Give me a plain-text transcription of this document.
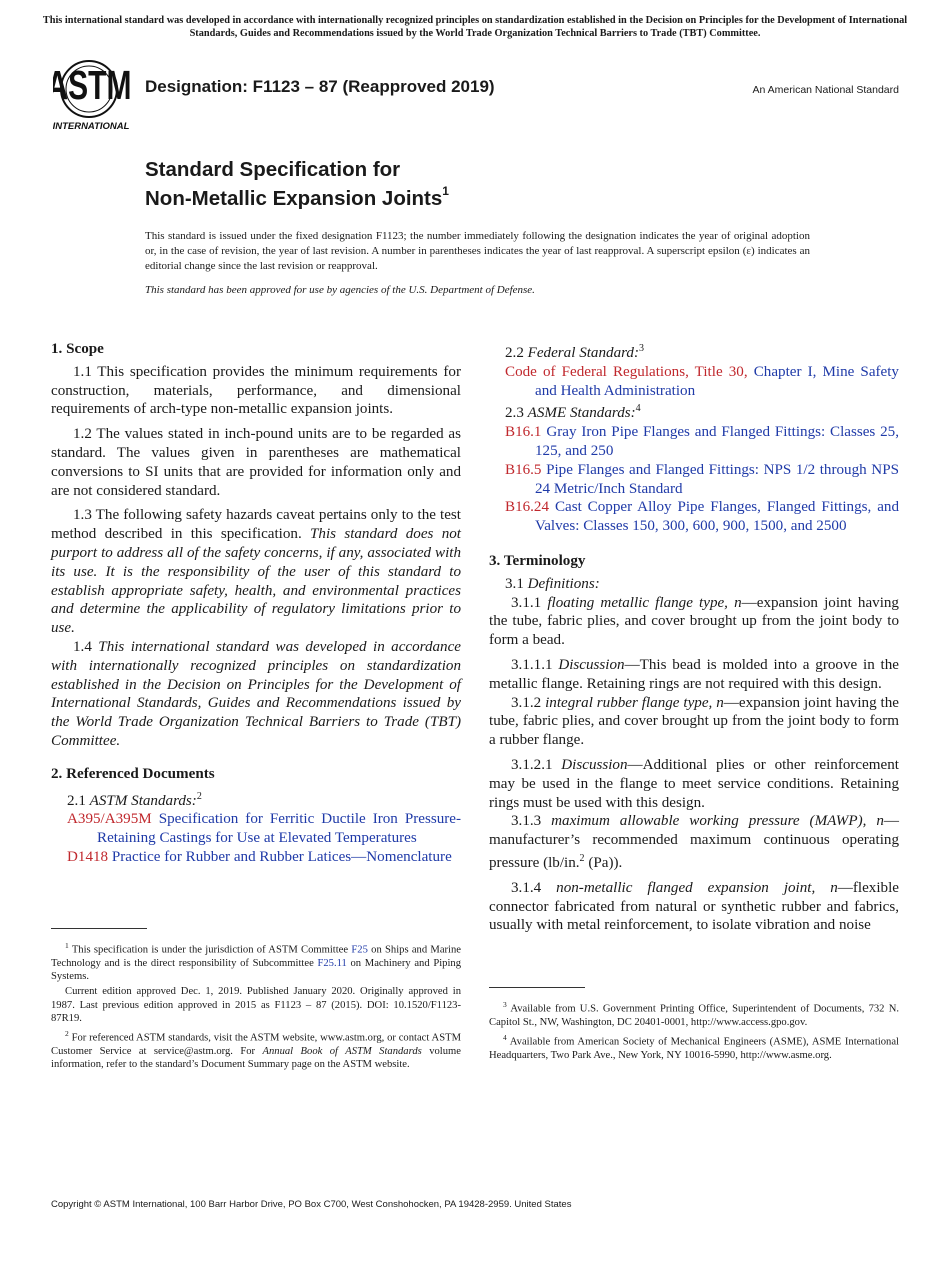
This international standard was developed in accordance with internationally recognized principles on standardization established in the Decision on Principles for the Development of International Standards, Guides and Recommendations issued by the World Trade Organization Technical Barriers to Trade (TBT) Committee.
ASTM
INTERNATIONAL
Designation: F1123 – 87 (Reapproved 2019)	An American National Standard
Standard Specification for
Non-Metallic Expansion Joints$^1$
This standard is issued under the fixed designation F1123; the number immediately following the designation indicates the year of original adoption or, in the case of revision, the year of last revision. A number in parentheses indicates the year of last reapproval. A superscript epsilon (ε) indicates an editorial change since the last revision or reapproval.
This standard has been approved for use by agencies of the U.S. Department of Defense.
1. Scope

1.1 This specification provides the minimum requirements for construction, materials, performance, and dimensional requirements of arch-type non-metallic expansion joints.

1.2 The values stated in inch-pound units are to be regarded as standard. The values given in parentheses are mathematical conversions to SI units that are provided for information only and are not considered standard.

1.3 The following safety hazards caveat pertains only to the test method described in this specification. This standard does not purport to address all of the safety concerns, if any, associated with its use. It is the responsibility of the user of this standard to establish appropriate safety, health, and environmental practices and determine the applicability of regulatory limitations prior to use.

1.4 This international standard was developed in accordance with internationally recognized principles on standardization established in the Decision on Principles for the Development of International Standards, Guides and Recommendations issued by the World Trade Organization Technical Barriers to Trade (TBT) Committee.

2. Referenced Documents

2.1 ASTM Standards:$^2$

A395/A395M Specification for Ferritic Ductile Iron Pressure-Retaining Castings for Use at Elevated Temperatures

D1418 Practice for Rubber and Rubber Latices—Nomenclature

$^1$ This specification is under the jurisdiction of ASTM Committee F25 on Ships and Marine Technology and is the direct responsibility of Subcommittee F25.11 on Machinery and Piping Systems.

Current edition approved Dec. 1, 2019. Published January 2020. Originally approved in 1987. Last previous edition approved in 2015 as F1123 – 87 (2015). DOI: 10.1520/F1123-87R19.

$^2$ For referenced ASTM standards, visit the ASTM website, www.astm.org, or contact ASTM Customer Service at service@astm.org. For Annual Book of ASTM Standards volume information, refer to the standard’s Document Summary page on the ASTM website.

2.2 Federal Standard:$^3$

Code of Federal Regulations, Title 30, Chapter I, Mine Safety and Health Administration

2.3 ASME Standards:$^4$

B16.1 Gray Iron Pipe Flanges and Flanged Fittings: Classes 25, 125, and 250

B16.5 Pipe Flanges and Flanged Fittings: NPS 1/2 through NPS 24 Metric/Inch Standard

B16.24 Cast Copper Alloy Pipe Flanges, Flanged Fittings, and Valves: Classes 150, 300, 600, 900, 1500, and 2500

3. Terminology

3.1 Definitions:

3.1.1 floating metallic flange type, n—expansion joint having the tube, fabric plies, and cover brought up from the joint body to form a bead.

3.1.1.1 Discussion—This bead is molded into a groove in the metallic flange. Retaining rings are not required with this design.

3.1.2 integral rubber flange type, n—expansion joint having the tube, fabric plies, and cover brought up from the joint body to form a rubber flange.

3.1.2.1 Discussion—Additional plies or other reinforcement may be used in the flange to meet service conditions. Retaining rings must be used with this design.

3.1.3 maximum allowable working pressure (MAWP), n—manufacturer’s recommended maximum continuous operating pressure (lb/in.$^2$ (Pa)).

3.1.4 non-metallic flanged expansion joint, n—flexible connector fabricated from natural or synthetic rubber and fabrics, usually with metal reinforcement, to isolate vibration and noise

$^3$ Available from U.S. Government Printing Office, Superintendent of Documents, 732 N. Capitol St., NW, Washington, DC 20401-0001, http://www.access.gpo.gov.

$^4$ Available from American Society of Mechanical Engineers (ASME), ASME International Headquarters, Two Park Ave., New York, NY 10016-5990, http://www.asme.org.

Copyright © ASTM International, 100 Barr Harbor Drive, PO Box C700, West Conshohocken, PA 19428-2959. United States
